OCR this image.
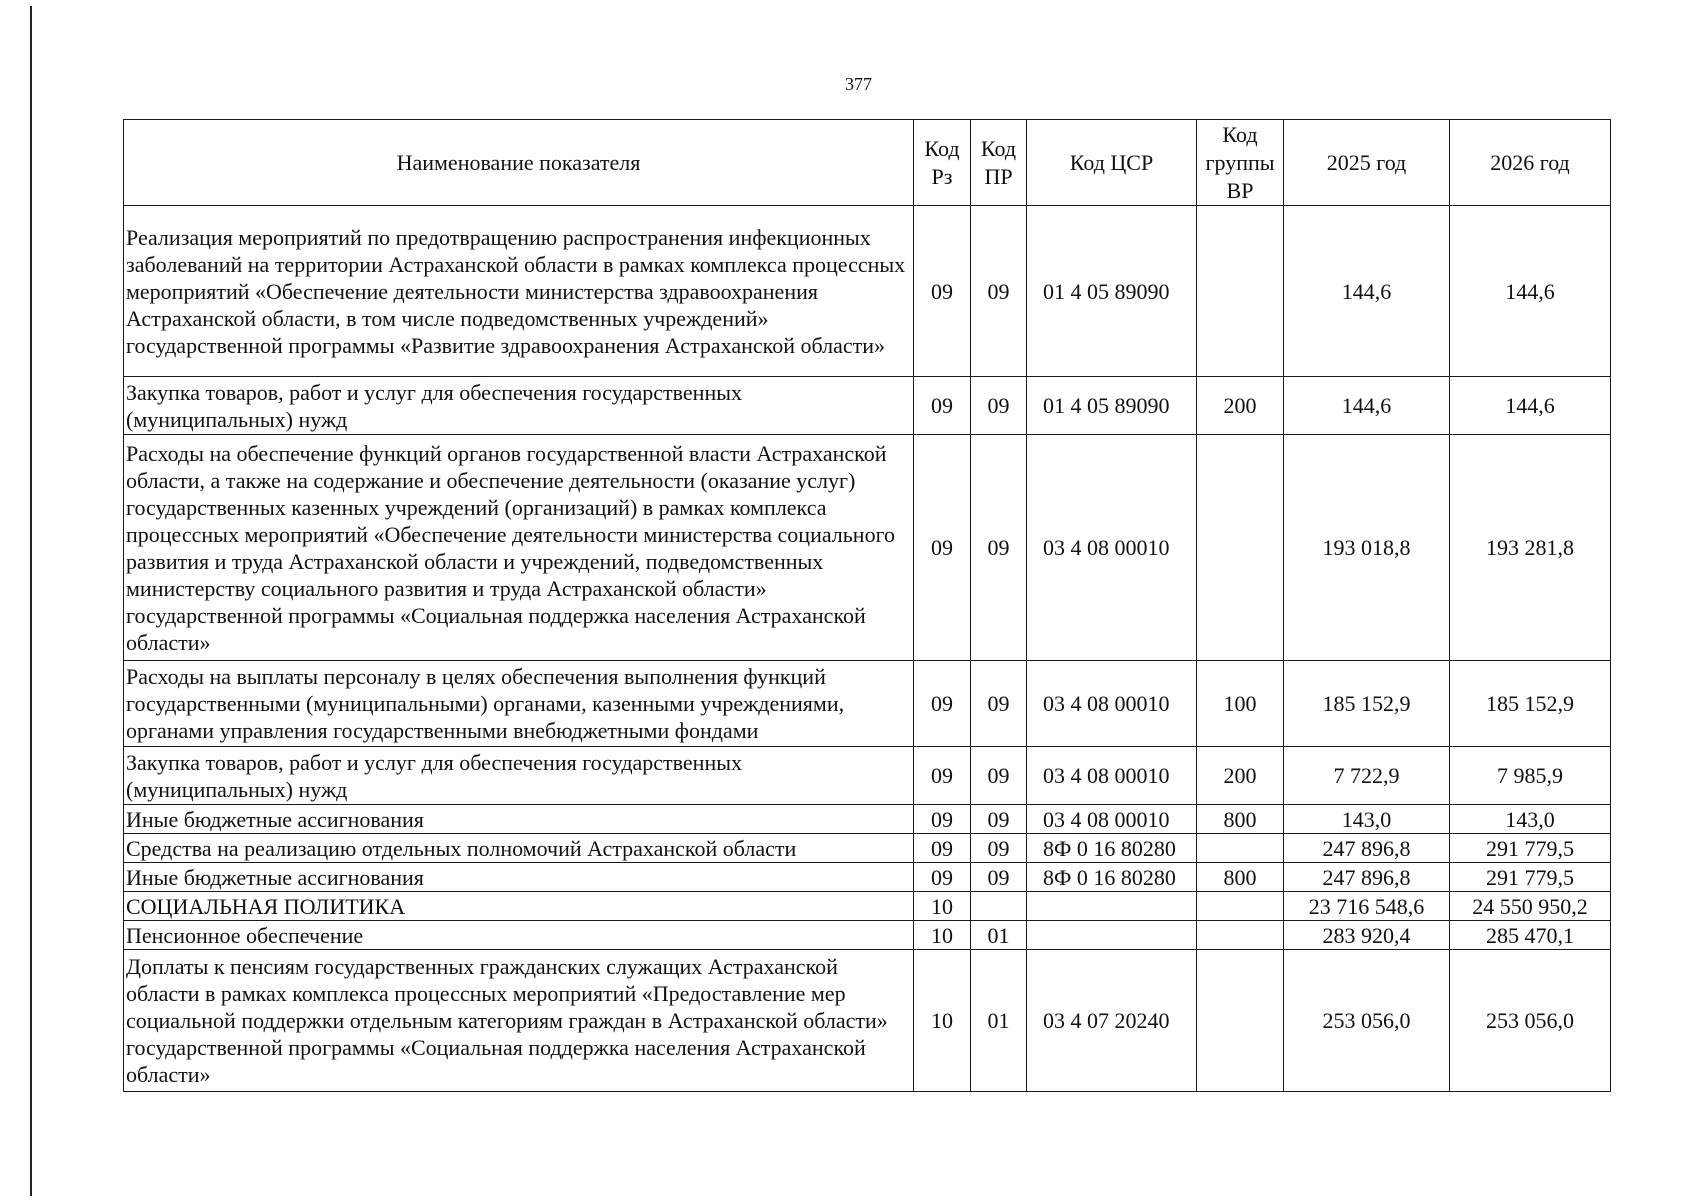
377
Наименование показателя	Код Рз	Код ПР	Код ЦСР	Код группы ВР	2025 год	2026 год
Реализация мероприятий по предотвращению распространения инфекционных заболеваний на территории Астраханской области в рамках комплекса процессных мероприятий «Обеспечение деятельности министерства здравоохранения Астраханской области, в том числе подведомственных учреждений» государственной программы «Развитие здравоохранения Астраханской области»	09	09	01 4 05 89090		144,6	144,6
Закупка товаров, работ и услуг для обеспечения государственных (муниципальных) нужд	09	09	01 4 05 89090	200	144,6	144,6
Расходы на обеспечение функций органов государственной власти Астраханской области, а также на содержание и обеспечение деятельности (оказание услуг) государственных казенных учреждений (организаций) в рамках комплекса процессных мероприятий «Обеспечение деятельности министерства социального развития и труда Астраханской области и учреждений, подведомственных министерству социального развития и труда Астраханской области» государственной программы «Социальная поддержка населения Астраханской области»	09	09	03 4 08 00010		193 018,8	193 281,8
Расходы на выплаты персоналу в целях обеспечения выполнения функций государственными (муниципальными) органами, казенными учреждениями, органами управления государственными внебюджетными фондами	09	09	03 4 08 00010	100	185 152,9	185 152,9
Закупка товаров, работ и услуг для обеспечения государственных (муниципальных) нужд	09	09	03 4 08 00010	200	7 722,9	7 985,9
Иные бюджетные ассигнования	09	09	03 4 08 00010	800	143,0	143,0
Средства на реализацию отдельных полномочий Астраханской области	09	09	8Ф 0 16 80280		247 896,8	291 779,5
Иные бюджетные ассигнования	09	09	8Ф 0 16 80280	800	247 896,8	291 779,5
СОЦИАЛЬНАЯ ПОЛИТИКА	10				23 716 548,6	24 550 950,2
Пенсионное обеспечение	10	01			283 920,4	285 470,1
Доплаты к пенсиям государственных гражданских служащих Астраханской области в рамках комплекса процессных мероприятий «Предоставление мер социальной поддержки отдельным категориям граждан в Астраханской области» государственной программы «Социальная поддержка населения Астраханской области»	10	01	03 4 07 20240		253 056,0	253 056,0
